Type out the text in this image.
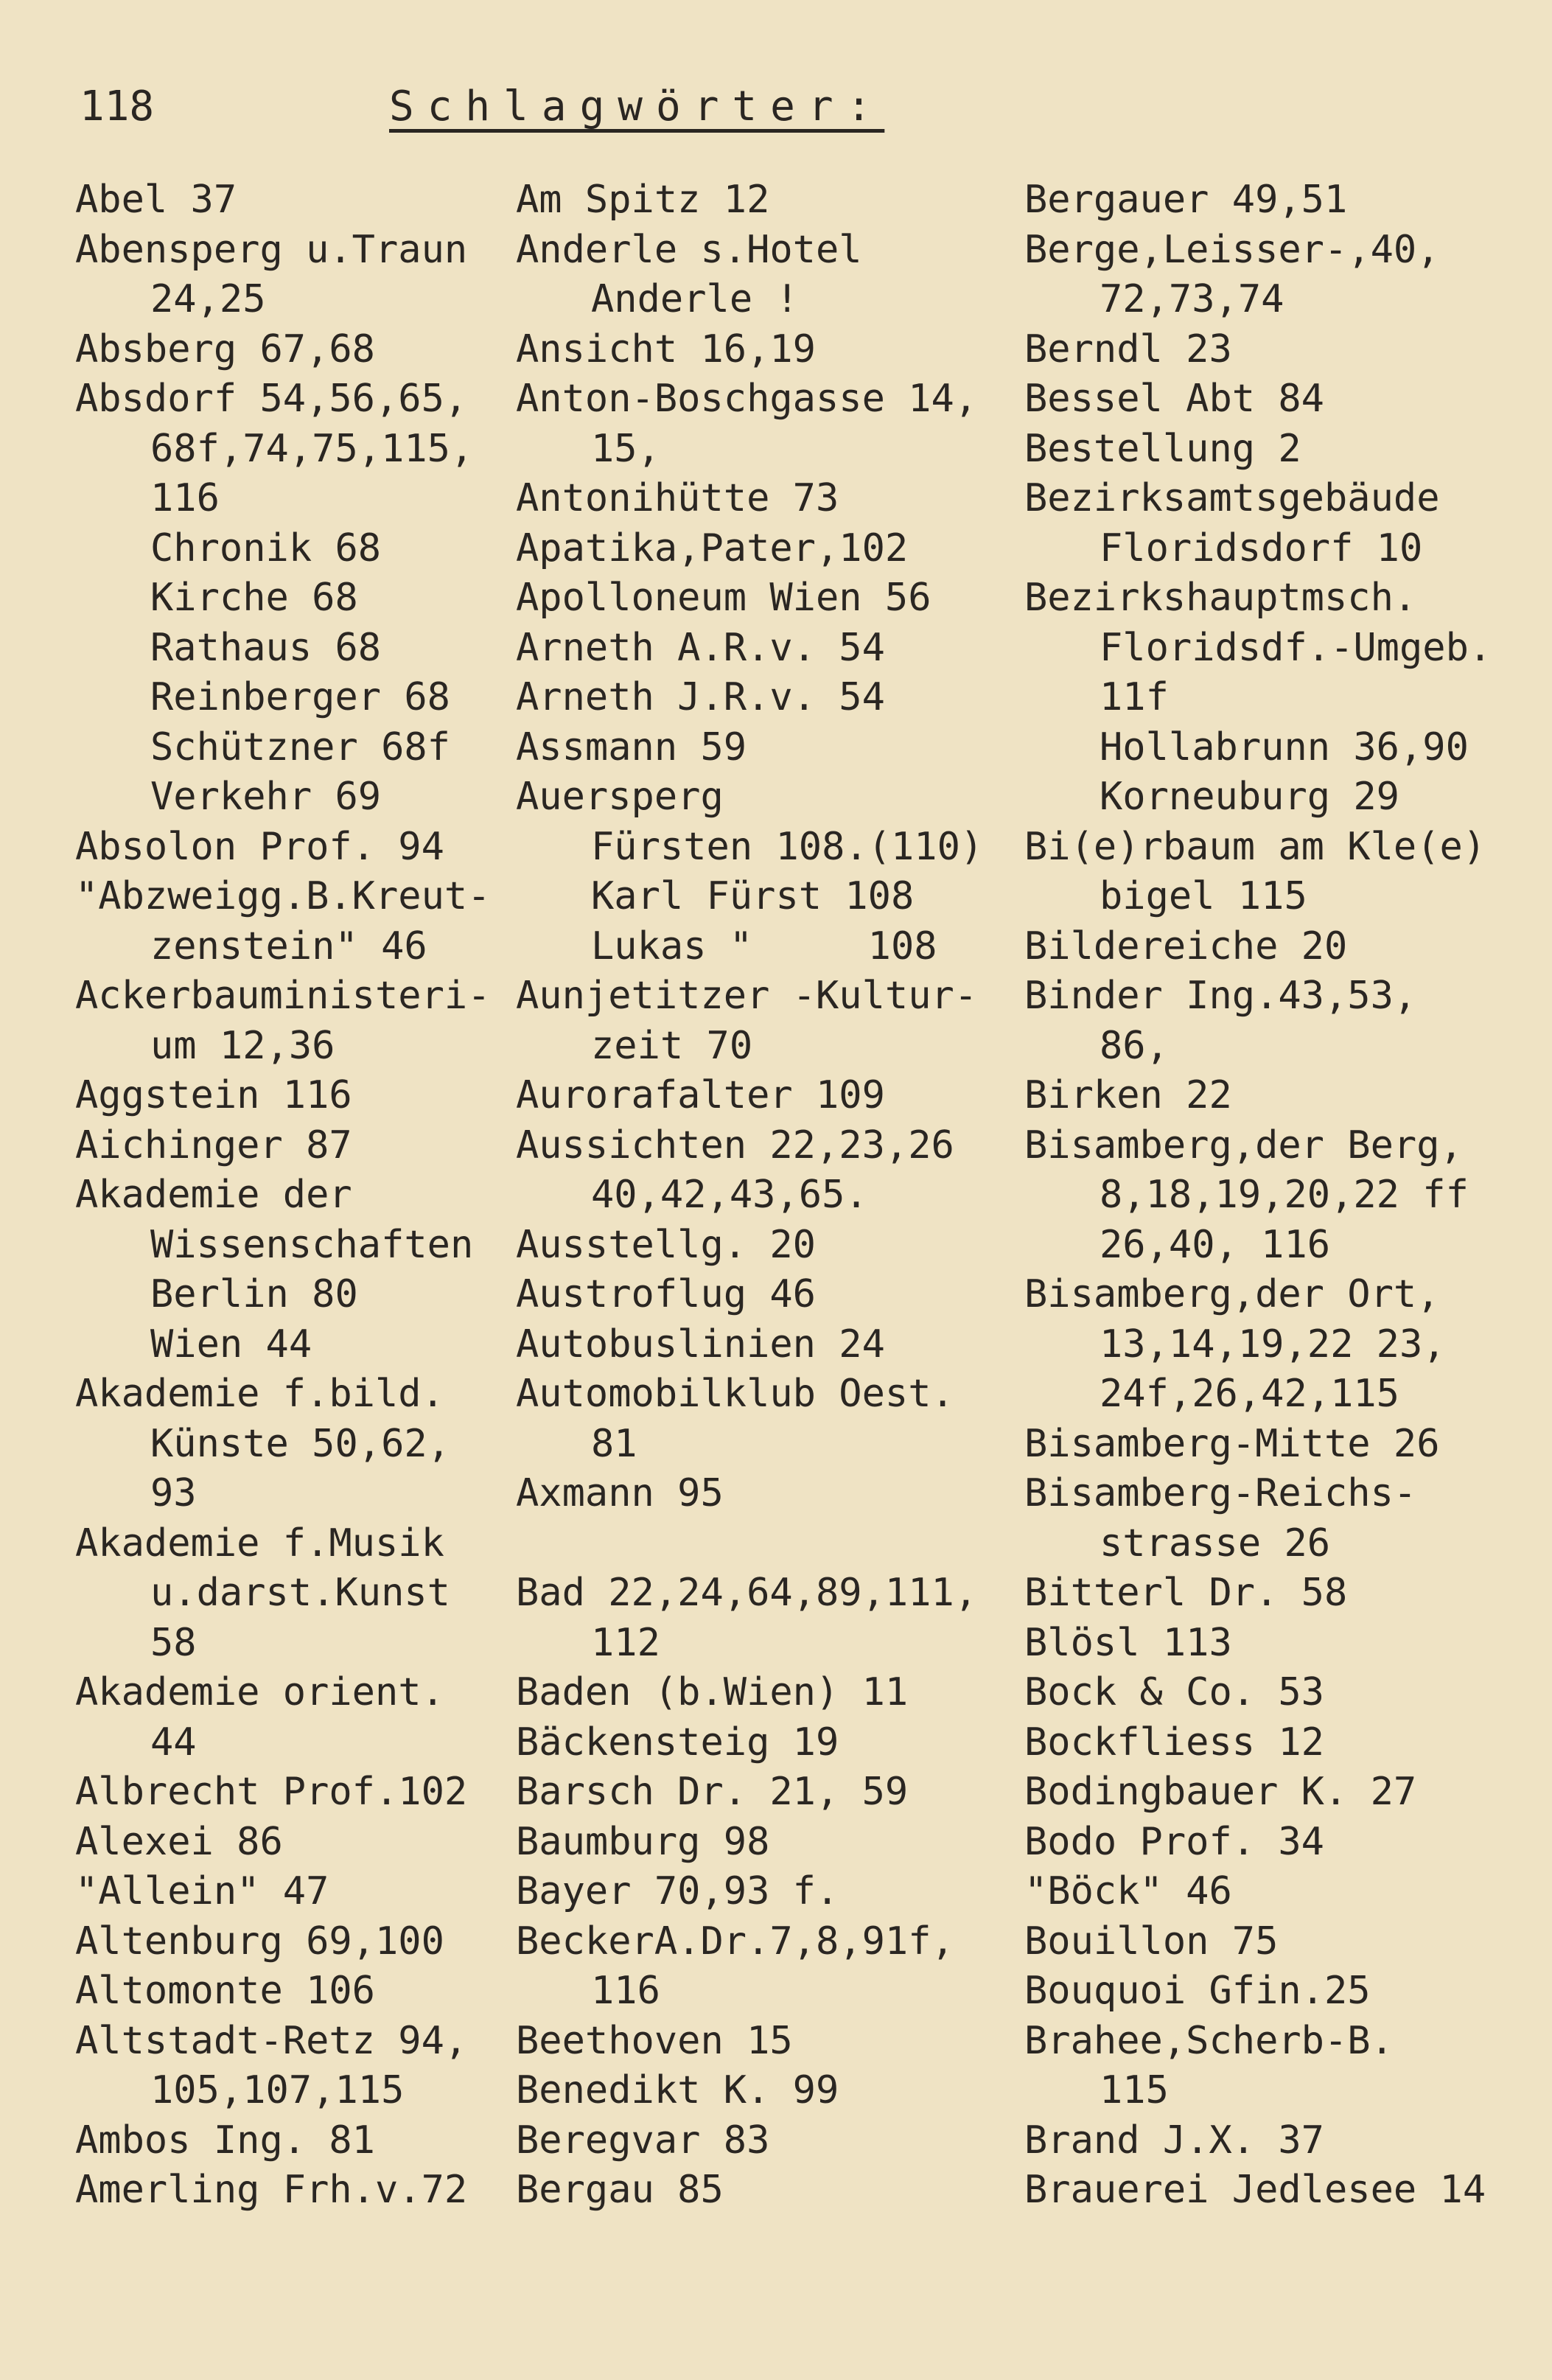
118	Schlagwörter:
Abel 37
Abensperg u.Traun
24,25
Absberg 67,68
Absdorf 54,56,65,
68f,74,75,115,
116
Chronik 68
Kirche 68
Rathaus 68
Reinberger 68
Schützner 68f
Verkehr 69
Absolon Prof. 94
"Abzweigg.B.Kreut-
zenstein" 46
Ackerbauministeri-
um 12,36
Aggstein 116
Aichinger 87
Akademie der
Wissenschaften
Berlin 80
Wien 44
Akademie f.bild.
Künste 50,62,
93
Akademie f.Musik
u.darst.Kunst
58
Akademie orient.
44
Albrecht Prof.102
Alexei 86
"Allein" 47
Altenburg 69,100
Altomonte 106
Altstadt-Retz 94,
105,107,115
Ambos Ing. 81
Amerling Frh.v.72
Am Spitz 12
Anderle s.Hotel
Anderle !
Ansicht 16,19
Anton-Boschgasse 14,
15,
Antonihütte 73
Apatika,Pater,102
Apolloneum Wien 56
Arneth A.R.v. 54
Arneth J.R.v. 54
Assmann 59
Auersperg
Fürsten 108.(110)
Karl Fürst 108
Lukas "     108
Aunjetitzer -Kultur-
zeit 70
Aurorafalter 109
Aussichten 22,23,26
40,42,43,65.
Ausstellg. 20
Austroflug 46
Autobuslinien 24
Automobilklub Oest.
81
Axmann 95
Bad 22,24,64,89,111,
112
Baden (b.Wien) 11
Bäckensteig 19
Barsch Dr. 21, 59
Baumburg 98
Bayer 70,93 f.
BeckerA.Dr.7,8,91f,
116
Beethoven 15
Benedikt K. 99
Beregvar 83
Bergau 85
Bergauer 49,51
Berge,Leisser-,40,
72,73,74
Berndl 23
Bessel Abt 84
Bestellung 2
Bezirksamtsgebäude
Floridsdorf 10
Bezirkshauptmsch.
Floridsdf.-Umgeb.
11f
Hollabrunn 36,90
Korneuburg 29
Bi(e)rbaum am Kle(e)
bigel 115
Bildereiche 20
Binder Ing.43,53,
86,
Birken 22
Bisamberg,der Berg,
8,18,19,20,22 ff
26,40, 116
Bisamberg,der Ort,
13,14,19,22 23,
24f,26,42,115
Bisamberg-Mitte 26
Bisamberg-Reichs-
strasse 26
Bitterl Dr. 58
Blösl 113
Bock & Co. 53
Bockfliess 12
Bodingbauer K. 27
Bodo Prof. 34
"Böck" 46
Bouillon 75
Bouquoi Gfin.25
Brahee,Scherb-B.
115
Brand J.X. 37
Brauerei Jedlesee 14
